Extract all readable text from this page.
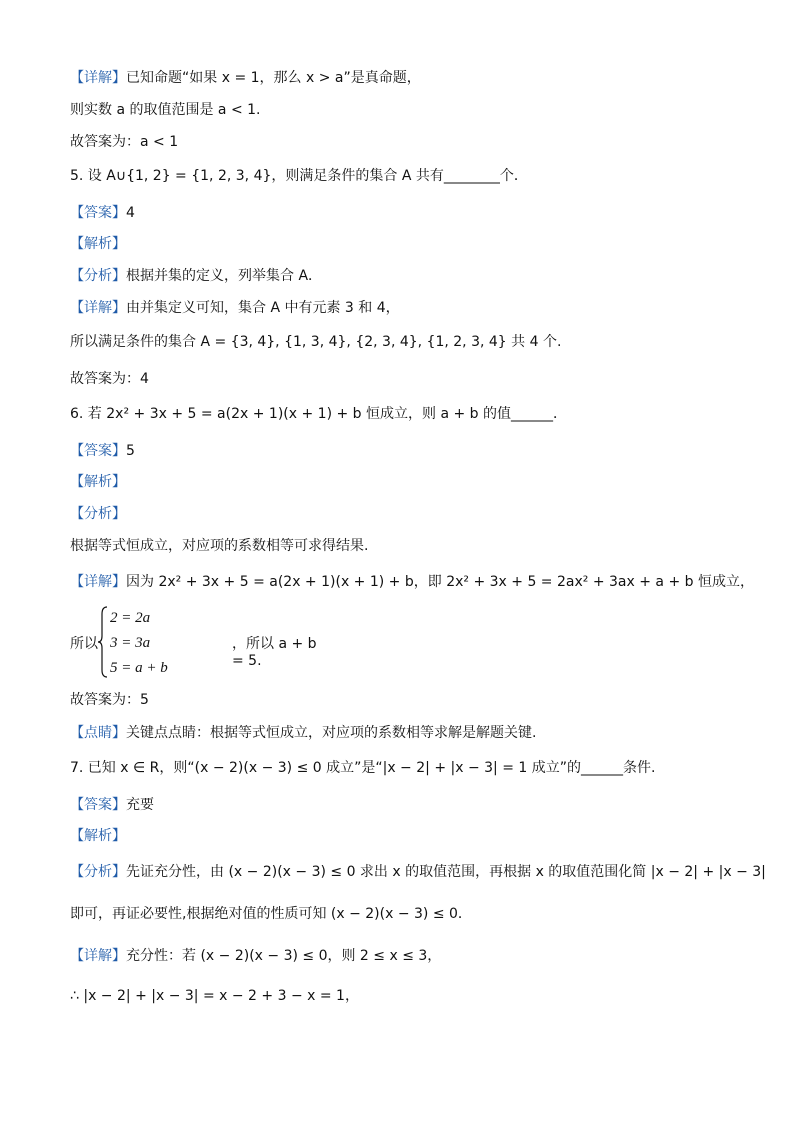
【详解】已知命题“如果 x = 1，那么 x > a”是真命题，
则实数 a 的取值范围是 a < 1.
故答案为：a < 1
5. 设 A∪{1, 2} = {1, 2, 3, 4}，则满足条件的集合 A 共有________个．
【答案】4
【解析】
【分析】根据并集的定义，列举集合 A．
【详解】由并集定义可知，集合 A 中有元素 3 和 4，
所以满足条件的集合 A = {3, 4}, {1, 3, 4}, {2, 3, 4}, {1, 2, 3, 4} 共 4 个.
故答案为：4
6. 若 2x² + 3x + 5 = a(2x + 1)(x + 1) + b 恒成立，则 a + b 的值______．
【答案】5
【解析】
【分析】
根据等式恒成立，对应项的系数相等可求得结果.
【详解】因为 2x² + 3x + 5 = a(2x + 1)(x + 1) + b，即 2x² + 3x + 5 = 2ax² + 3ax + a + b 恒成立，
所以
2 = 2a
3 = 3a
5 = a + b
，所以 a + b = 5.
故答案为：5
【点睛】关键点点睛：根据等式恒成立，对应项的系数相等求解是解题关键.
7. 已知 x ∈ R，则“(x − 2)(x − 3) ≤ 0 成立”是“|x − 2| + |x − 3| = 1 成立”的______条件.
【答案】充要
【解析】
【分析】先证充分性，由 (x − 2)(x − 3) ≤ 0 求出 x 的取值范围，再根据 x 的取值范围化简 |x − 2| + |x − 3|
即可，再证必要性,根据绝对值的性质可知 (x − 2)(x − 3) ≤ 0．
【详解】充分性：若 (x − 2)(x − 3) ≤ 0，则 2 ≤ x ≤ 3，
∴ |x − 2| + |x − 3| = x − 2 + 3 − x = 1，
